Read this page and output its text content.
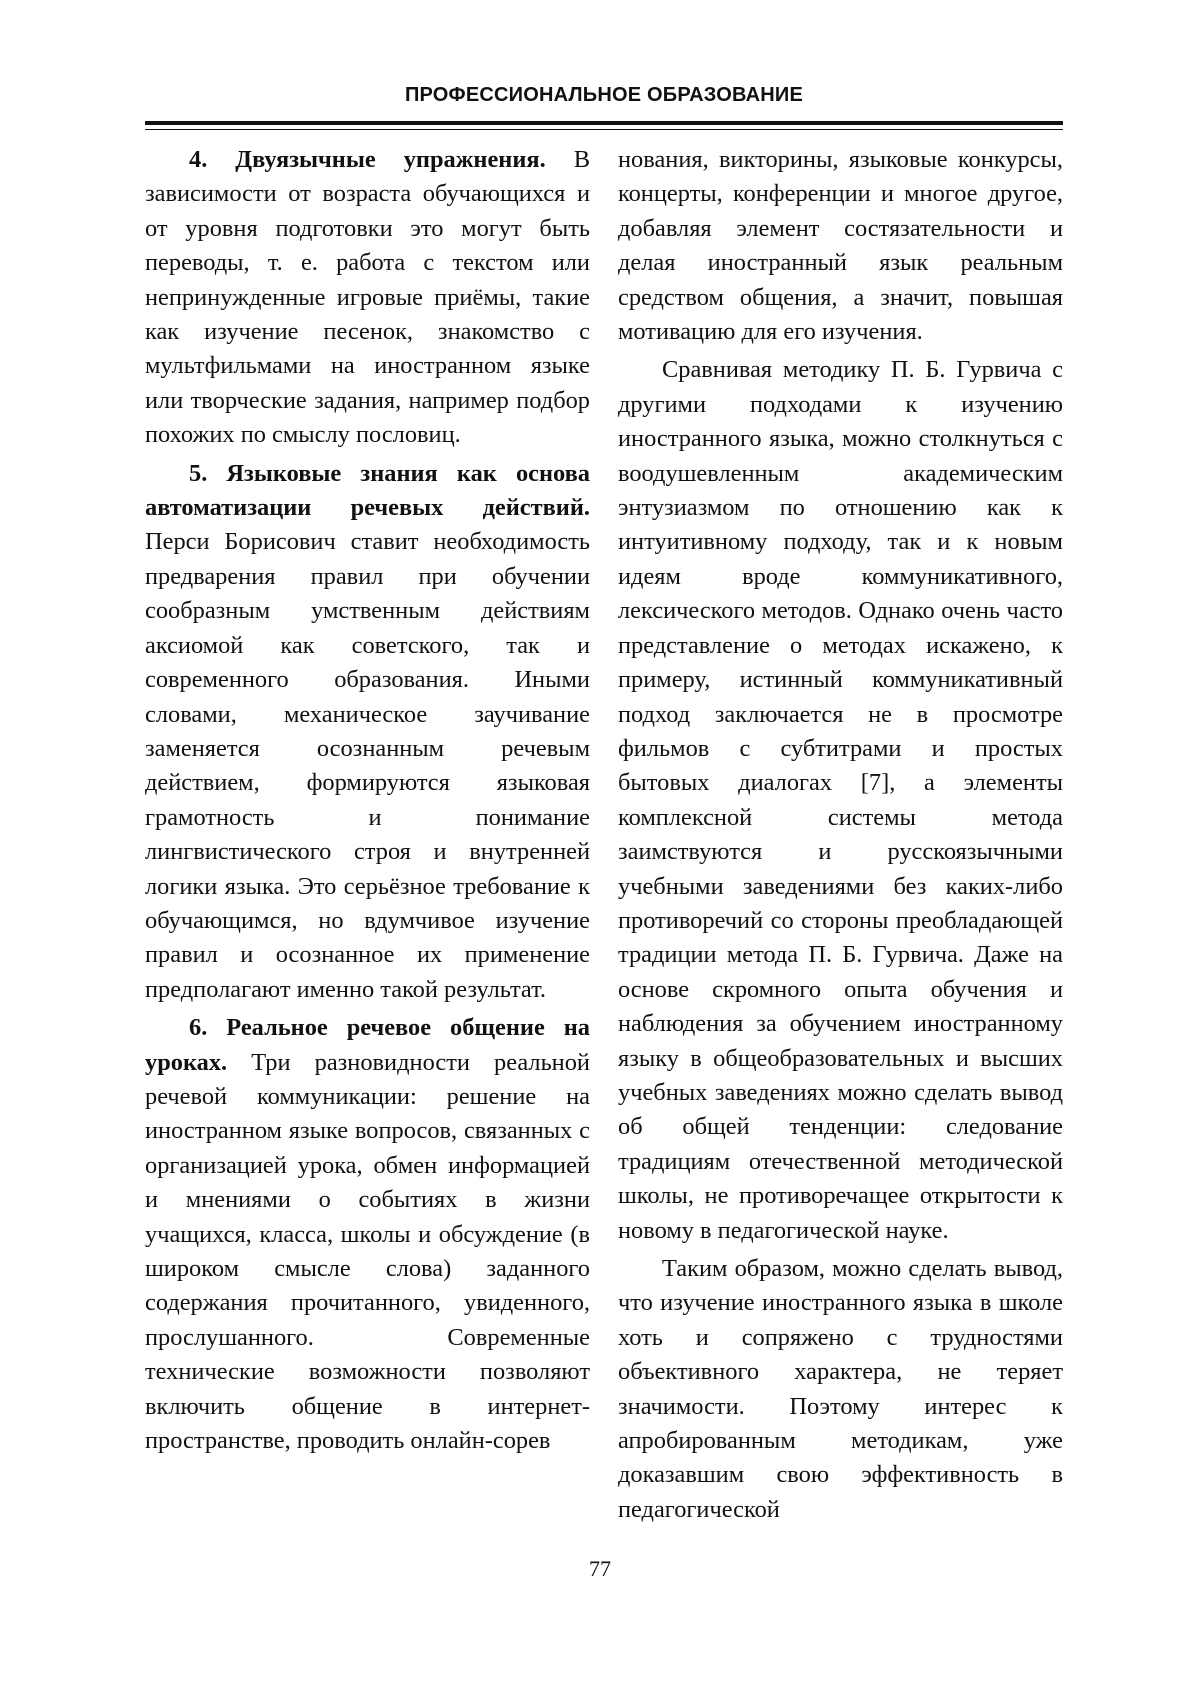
ПРОФЕССИОНАЛЬНОЕ ОБРАЗОВАНИЕ

4. Двуязычные упражнения. В зависимости от возраста обучающихся и от уровня подготовки это могут быть переводы, т. е. работа с текстом или непринужденные игровые приёмы, такие как изучение песенок, знакомство с мультфильмами на иностранном языке или творческие задания, например подбор похожих по смыслу пословиц.

5. Языковые знания как основа автоматизации речевых действий. Перси Борисович ставит необходимость предварения правил при обучении сообразным умственным действиям аксиомой как советского, так и современного образования. Иными словами, механическое заучивание заменяется осознанным речевым действием, формируются языковая грамотность и понимание лингвистического строя и внутренней логики языка. Это серьёзное требование к обучающимся, но вдумчивое изучение правил и осознанное их применение предполагают именно такой результат.

6. Реальное речевое общение на уроках. Три разновидности реальной речевой коммуникации: решение на иностранном языке вопросов, связанных с организацией урока, обмен информацией и мнениями о событиях в жизни учащихся, класса, школы и обсуждение (в широком смысле слова) заданного содержания прочитанного, увиденного, прослушанного. Современные технические возможности позволяют включить общение в интернет-пространстве, проводить онлайн-сорев

нования, викторины, языковые конкурсы, концерты, конференции и многое другое, добавляя элемент состязательности и делая иностранный язык реальным средством общения, а значит, повышая мотивацию для его изучения.

Сравнивая методику П. Б. Гурвича с другими подходами к изучению иностранного языка, можно столкнуться с воодушевленным академическим энтузиазмом по отношению как к интуитивному подходу, так и к новым идеям вроде коммуникативного, лексического методов. Однако очень часто представление о методах искажено, к примеру, истинный коммуникативный подход заключается не в просмотре фильмов с субтитрами и простых бытовых диалогах [7], а элементы комплексной системы метода заимствуются и русскоязычными учебными заведениями без каких-либо противоречий со стороны преобладающей традиции метода П. Б. Гурвича. Даже на основе скромного опыта обучения и наблюдения за обучением иностранному языку в общеобразовательных и высших учебных заведениях можно сделать вывод об общей тенденции: следование традициям отечественной методической школы, не противоречащее открытости к новому в педагогической науке.

Таким образом, можно сделать вывод, что изучение иностранного языка в школе хоть и сопряжено с трудностями объективного характера, не теряет значимости. Поэтому интерес к апробированным методикам, уже доказавшим свою эффективность в педагогической

77
